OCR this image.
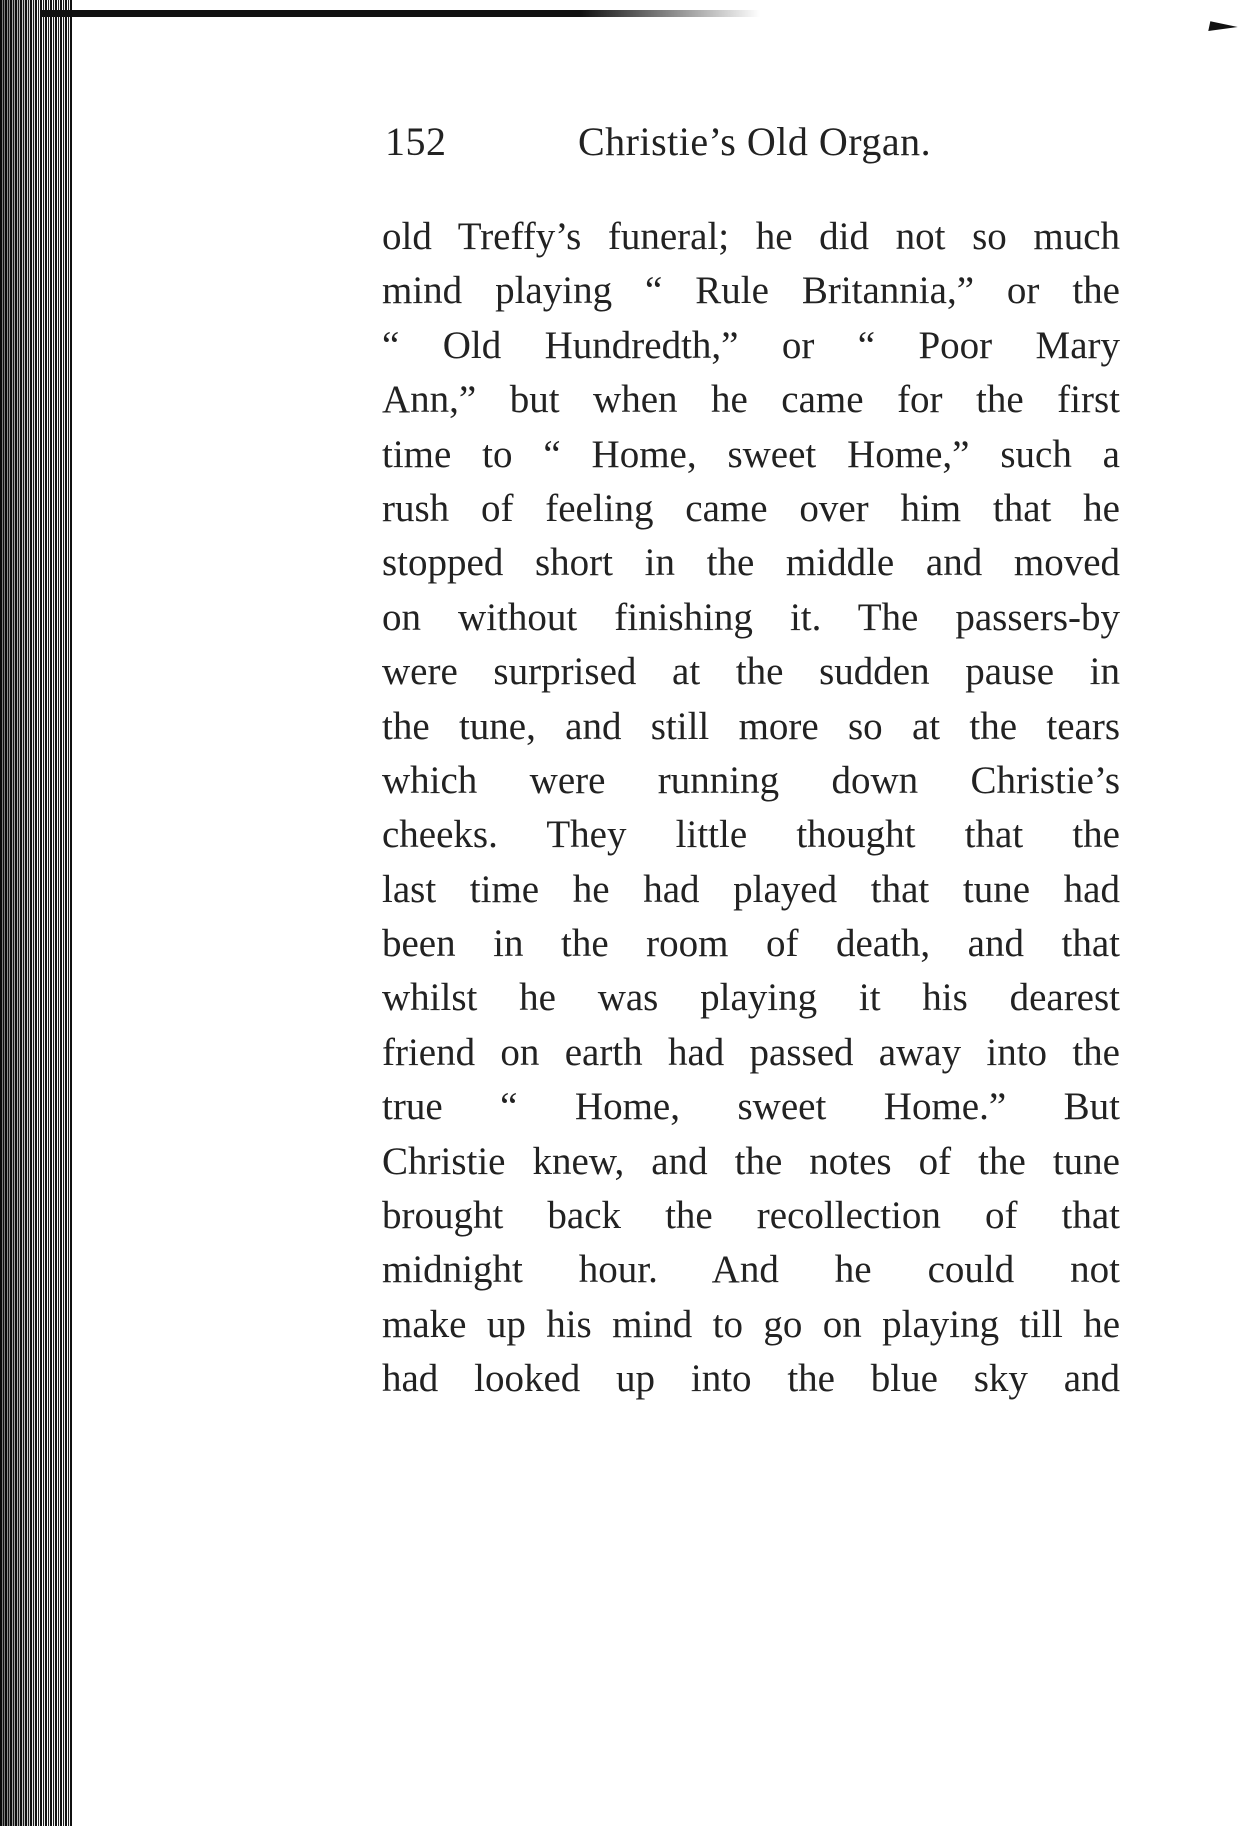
152	Christie’s Old Organ.
old Treffy’s funeral; he did not so much
mind playing “ Rule Britannia,” or the
“ Old Hundredth,” or “ Poor Mary
Ann,” but when he came for the first
time to “ Home, sweet Home,” such a
rush of feeling came over him that he
stopped short in the middle and moved
on without finishing it. The passers-by
were surprised at the sudden pause in
the tune, and still more so at the tears
which were running down Christie’s
cheeks. They little thought that the
last time he had played that tune had
been in the room of death, and that
whilst he was playing it his dearest
friend on earth had passed away into the
true “ Home, sweet Home.” But
Christie knew, and the notes of the tune
brought back the recollection of that
midnight hour. And he could not
make up his mind to go on playing till he
had looked up into the blue sky and
